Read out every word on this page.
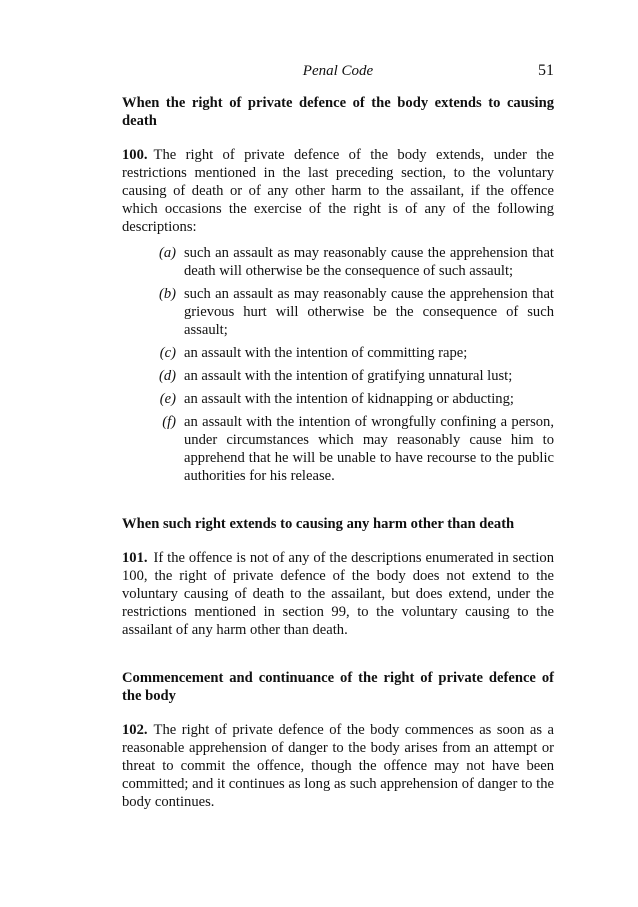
Penal Code	51

When the right of private defence of the body extends to causing death

100. The right of private defence of the body extends, under the restrictions mentioned in the last preceding section, to the voluntary causing of death or of any other harm to the assailant, if the offence which occasions the exercise of the right is of any of the following descriptions:

(a) such an assault as may reasonably cause the apprehension that death will otherwise be the consequence of such assault;
(b) such an assault as may reasonably cause the apprehension that grievous hurt will otherwise be the consequence of such assault;
(c) an assault with the intention of committing rape;
(d) an assault with the intention of gratifying unnatural lust;
(e) an assault with the intention of kidnapping or abducting;
(f) an assault with the intention of wrongfully confining a person, under circumstances which may reasonably cause him to apprehend that he will be unable to have recourse to the public authorities for his release.

When such right extends to causing any harm other than death

101. If the offence is not of any of the descriptions enumerated in section 100, the right of private defence of the body does not extend to the voluntary causing of death to the assailant, but does extend, under the restrictions mentioned in section 99, to the voluntary causing to the assailant of any harm other than death.

Commencement and continuance of the right of private defence of the body

102. The right of private defence of the body commences as soon as a reasonable apprehension of danger to the body arises from an attempt or threat to commit the offence, though the offence may not have been committed; and it continues as long as such apprehension of danger to the body continues.
